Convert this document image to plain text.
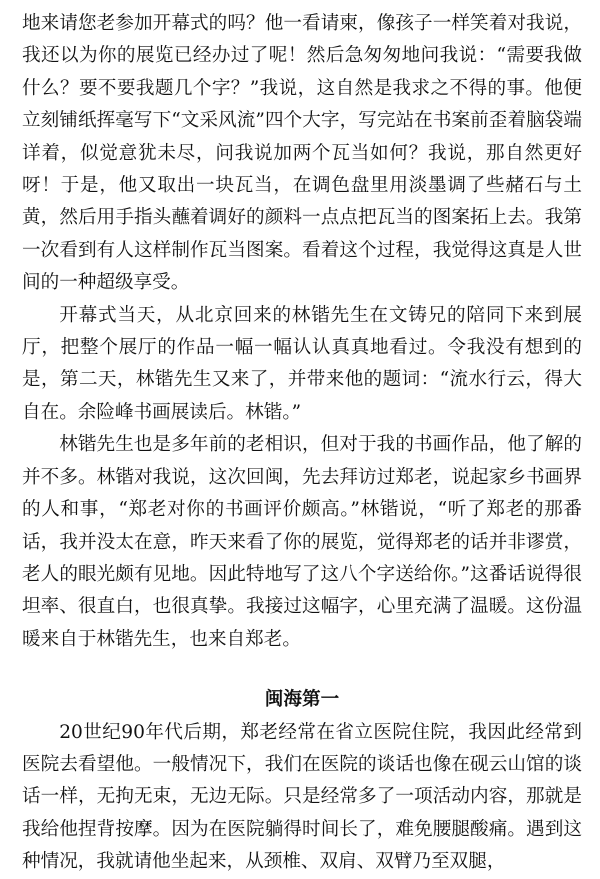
地来请您老参加开幕式的吗？他一看请柬，像孩子一样笑着对我说，我还以为你的展览已经办过了呢！然后急匆匆地问我说：“需要我做什么？要不要我题几个字？”我说，这自然是我求之不得的事。他便立刻铺纸挥毫写下“文采风流”四个大字，写完站在书案前歪着脑袋端详着，似觉意犹未尽，问我说加两个瓦当如何？我说，那自然更好呀！于是，他又取出一块瓦当，在调色盘里用淡墨调了些赭石与土黄，然后用手指头蘸着调好的颜料一点点把瓦当的图案拓上去。我第一次看到有人这样制作瓦当图案。看着这个过程，我觉得这真是人世间的一种超级享受。

开幕式当天，从北京回来的林锴先生在文铸兄的陪同下来到展厅，把整个展厅的作品一幅一幅认认真真地看过。令我没有想到的是，第二天，林锴先生又来了，并带来他的题词：“流水行云，得大自在。余险峰书画展读后。林锴。”

林锴先生也是多年前的老相识，但对于我的书画作品，他了解的并不多。林锴对我说，这次回闽，先去拜访过郑老，说起家乡书画界的人和事，“郑老对你的书画评价颇高。”林锴说，“听了郑老的那番话，我并没太在意，昨天来看了你的展览，觉得郑老的话并非谬赏，老人的眼光颇有见地。因此特地写了这八个字送给你。”这番话说得很坦率、很直白，也很真挚。我接过这幅字，心里充满了温暖。这份温暖来自于林锴先生，也来自郑老。

闽海第一

20世纪90年代后期，郑老经常在省立医院住院，我因此经常到医院去看望他。一般情况下，我们在医院的谈话也像在砚云山馆的谈话一样，无拘无束，无边无际。只是经常多了一项活动内容，那就是我给他捏背按摩。因为在医院躺得时间长了，难免腰腿酸痛。遇到这种情况，我就请他坐起来，从颈椎、双肩、双臂乃至双腿，
